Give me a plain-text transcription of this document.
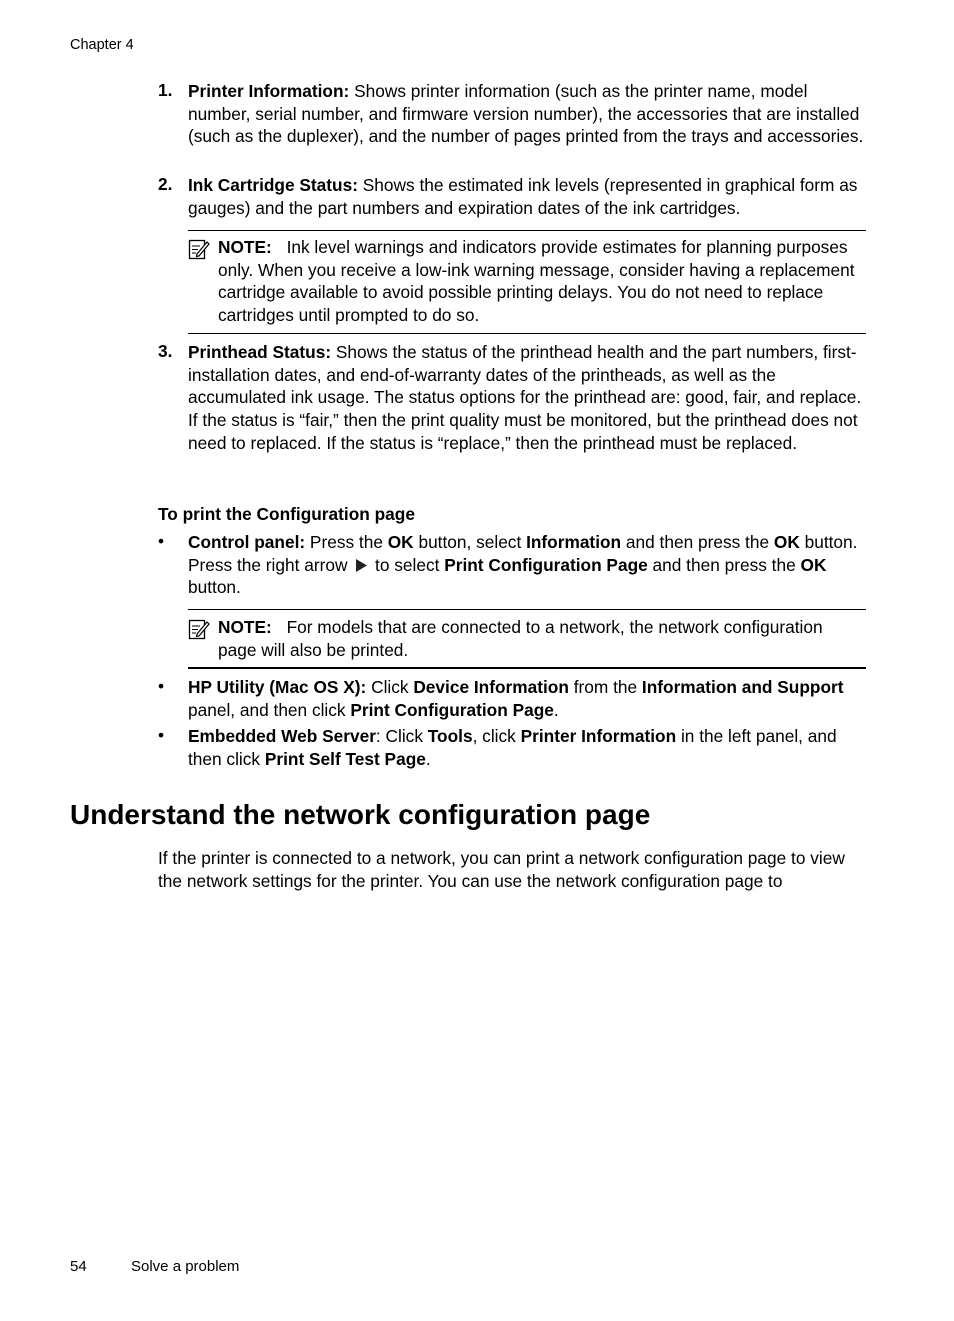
Chapter 4
1. Printer Information: Shows printer information (such as the printer name, model number, serial number, and firmware version number), the accessories that are installed (such as the duplexer), and the number of pages printed from the trays and accessories.
2. Ink Cartridge Status: Shows the estimated ink levels (represented in graphical form as gauges) and the part numbers and expiration dates of the ink cartridges.
NOTE: Ink level warnings and indicators provide estimates for planning purposes only. When you receive a low-ink warning message, consider having a replacement cartridge available to avoid possible printing delays. You do not need to replace cartridges until prompted to do so.
3. Printhead Status: Shows the status of the printhead health and the part numbers, first-installation dates, and end-of-warranty dates of the printheads, as well as the accumulated ink usage. The status options for the printhead are: good, fair, and replace. If the status is “fair,” then the print quality must be monitored, but the printhead does not need to replaced. If the status is “replace,” then the printhead must be replaced.
To print the Configuration page
• Control panel: Press the OK button, select Information and then press the OK button. Press the right arrow  to select Print Configuration Page and then press the OK button.
NOTE: For models that are connected to a network, the network configuration page will also be printed.
• HP Utility (Mac OS X): Click Device Information from the Information and Support panel, and then click Print Configuration Page.
• Embedded Web Server: Click Tools, click Printer Information in the left panel, and then click Print Self Test Page.
Understand the network configuration page
If the printer is connected to a network, you can print a network configuration page to view the network settings for the printer. You can use the network configuration page to
54	Solve a problem
